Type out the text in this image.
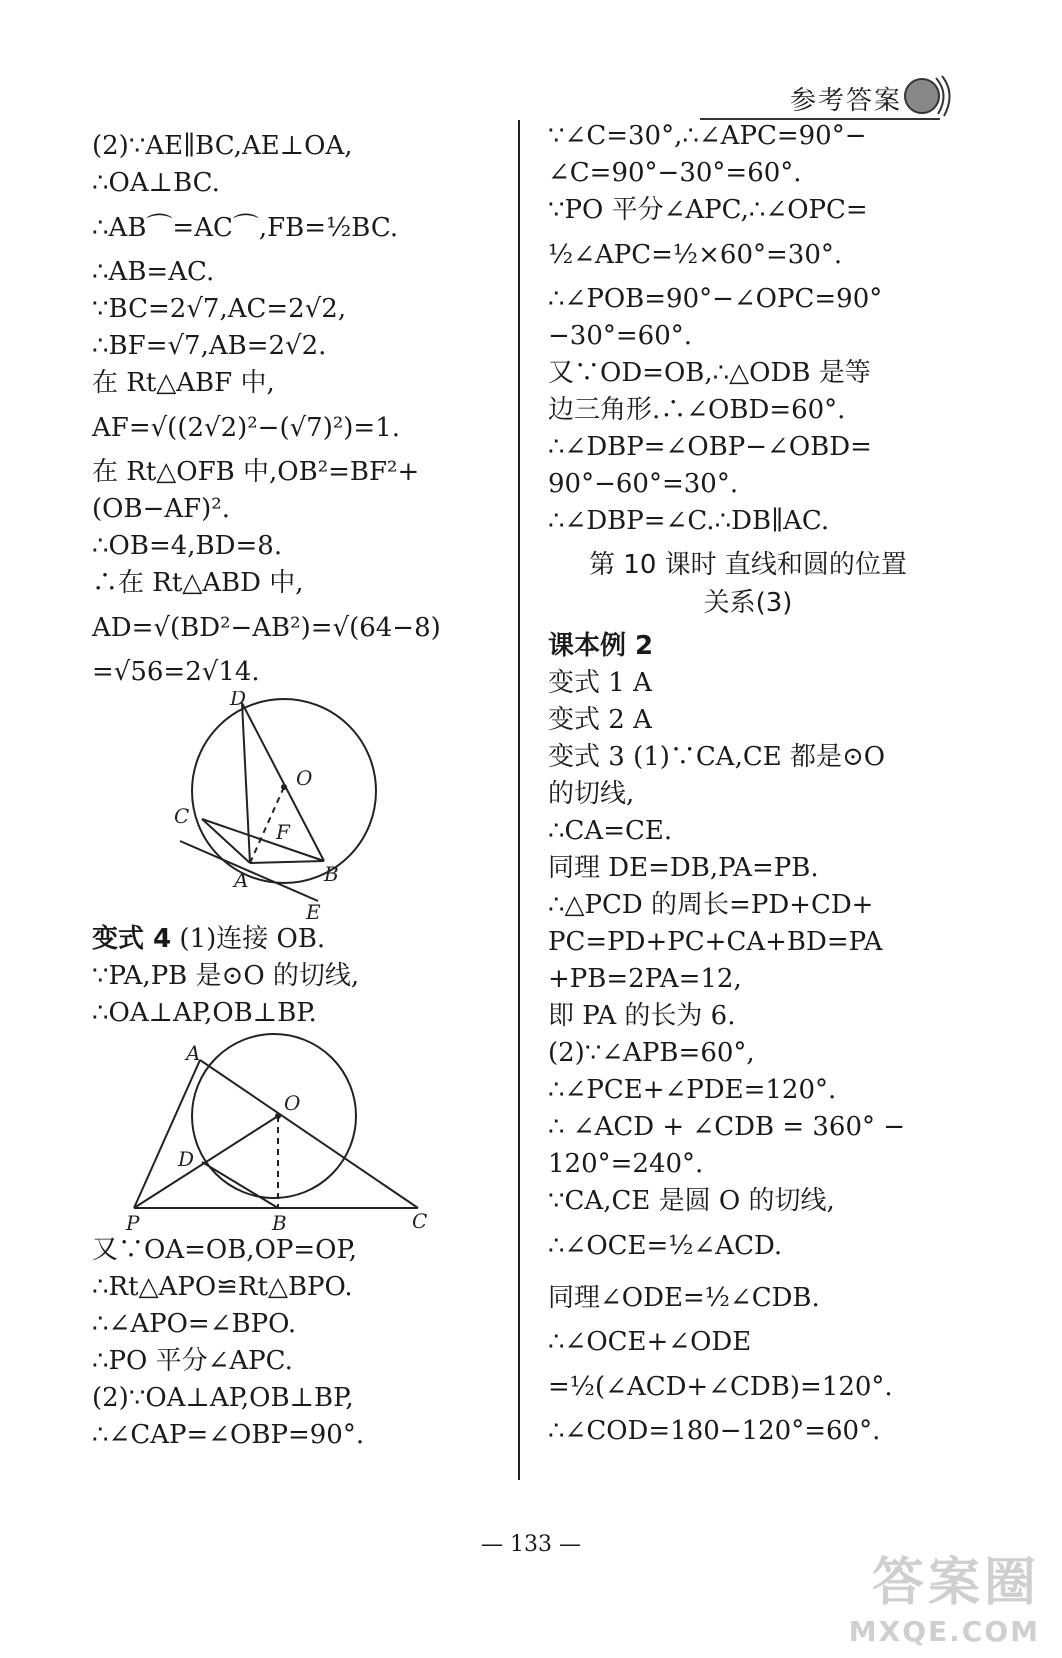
参考答案
(2)∵AE∥BC,AE⊥OA,
∴OA⊥BC.
∴AB⌒=AC⌒,FB=½BC.
∴AB=AC.
∵BC=2√7,AC=2√2,
∴BF=√7,AB=2√2.
在 Rt△ABF 中,
AF=√((2√2)²−(√7)²)=1.
在 Rt△OFB 中,OB²=BF²+
(OB−AF)².
∴OB=4,BD=8.
∴在 Rt△ABD 中,
AD=√(BD²−AB²)=√(64−8)
=√56=2√14.
D
O
C
F
A	B
E
变式 4 (1)连接 OB.
∵PA,PB 是⊙O 的切线,
∴OA⊥AP,OB⊥BP.
A
O
D
P	B	C
又∵OA=OB,OP=OP,
∴Rt△APO≌Rt△BPO.
∴∠APO=∠BPO.
∴PO 平分∠APC.
(2)∵OA⊥AP,OB⊥BP,
∴∠CAP=∠OBP=90°.
∵∠C=30°,∴∠APC=90°−
∠C=90°−30°=60°.
∵PO 平分∠APC,∴∠OPC=
½∠APC=½×60°=30°.
∴∠POB=90°−∠OPC=90°
−30°=60°.
又∵OD=OB,∴△ODB 是等
边三角形.∴∠OBD=60°.
∴∠DBP=∠OBP−∠OBD=
90°−60°=30°.
∴∠DBP=∠C.∴DB∥AC.
第 10 课时 直线和圆的位置
关系(3)
课本例 2
变式 1 A
变式 2 A
变式 3 (1)∵CA,CE 都是⊙O
的切线,
∴CA=CE.
同理 DE=DB,PA=PB.
∴△PCD 的周长=PD+CD+
PC=PD+PC+CA+BD=PA
+PB=2PA=12,
即 PA 的长为 6.
(2)∵∠APB=60°,
∴∠PCE+∠PDE=120°.
∴ ∠ACD + ∠CDB = 360° −
120°=240°.
∵CA,CE 是圆 O 的切线,
∴∠OCE=½∠ACD.
同理∠ODE=½∠CDB.
∴∠OCE+∠ODE
=½(∠ACD+∠CDB)=120°.
∴∠COD=180−120°=60°.
— 133 —
答案圈
MXQE.COM
